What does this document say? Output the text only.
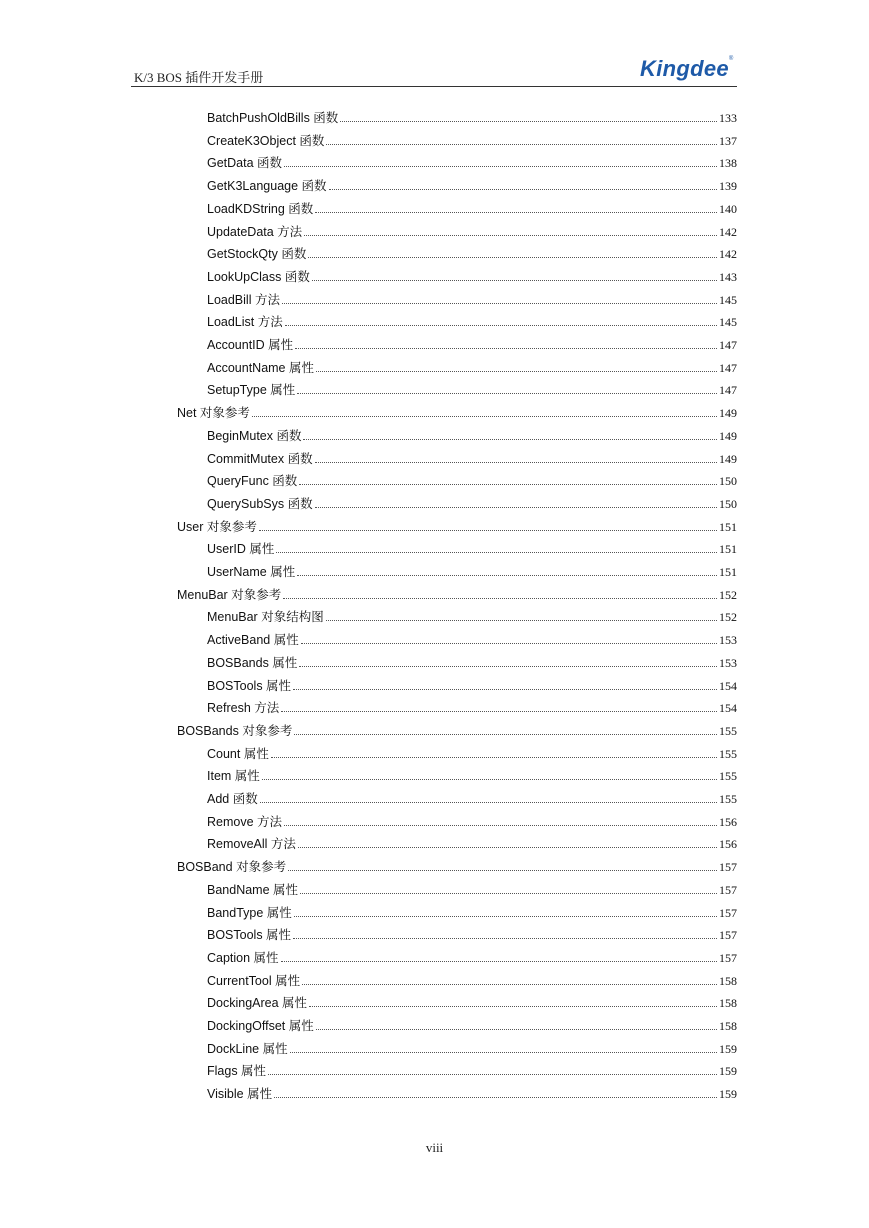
K/3 BOS 插件开发手册	Kingdee®
BatchPushOldBills 函数	133
CreateK3Object 函数	137
GetData 函数	138
GetK3Language 函数	139
LoadKDString 函数	140
UpdateData 方法	142
GetStockQty 函数	142
LookUpClass 函数	143
LoadBill 方法	145
LoadList 方法	145
AccountID 属性	147
AccountName 属性	147
SetupType 属性	147
Net 对象参考	149
BeginMutex 函数	149
CommitMutex 函数	149
QueryFunc 函数	150
QuerySubSys 函数	150
User 对象参考	151
UserID 属性	151
UserName 属性	151
MenuBar 对象参考	152
MenuBar 对象结构图	152
ActiveBand 属性	153
BOSBands 属性	153
BOSTools 属性	154
Refresh 方法	154
BOSBands 对象参考	155
Count 属性	155
Item 属性	155
Add 函数	155
Remove 方法	156
RemoveAll 方法	156
BOSBand 对象参考	157
BandName 属性	157
BandType 属性	157
BOSTools 属性	157
Caption 属性	157
CurrentTool 属性	158
DockingArea 属性	158
DockingOffset 属性	158
DockLine 属性	159
Flags 属性	159
Visible 属性	159
viii
